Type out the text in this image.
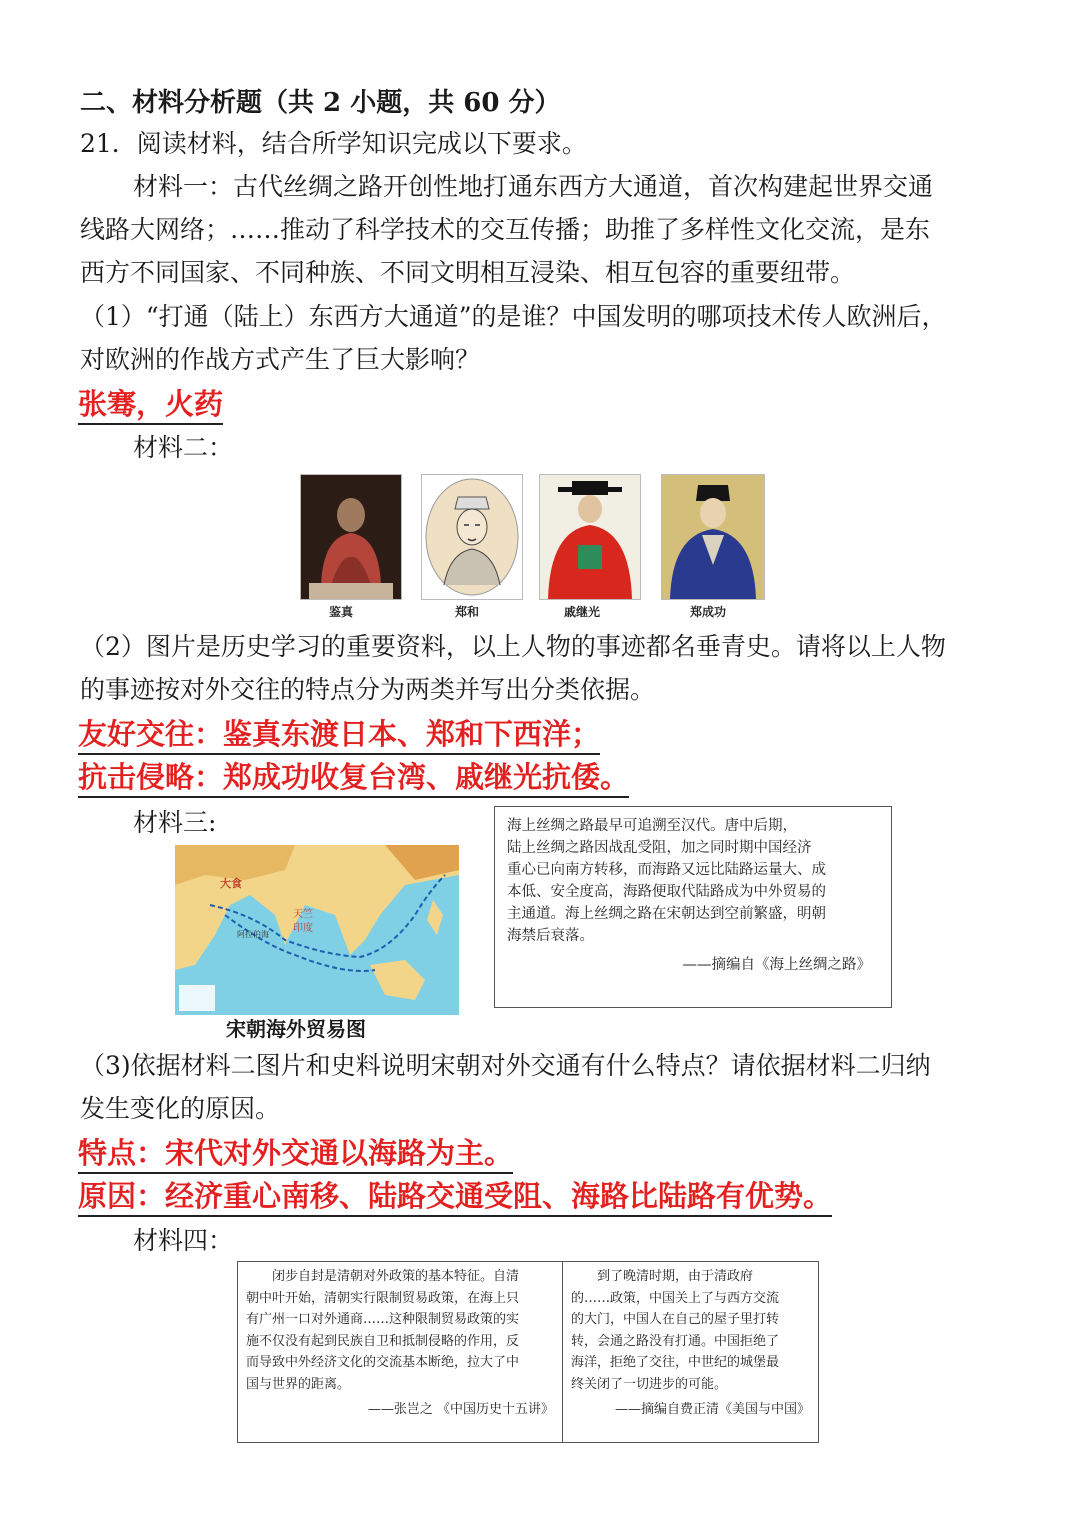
二、材料分析题（共 2 小题，共 60 分）
21．阅读材料，结合所学知识完成以下要求。
材料一：古代丝绸之路开创性地打通东西方大通道，首次构建起世界交通
线路大网络；……推动了科学技术的交互传播；助推了多样性文化交流，是东
西方不同国家、不同种族、不同文明相互浸染、相互包容的重要纽带。
（1）“打通（陆上）东西方大通道”的是谁？中国发明的哪项技术传人欧洲后，
对欧洲的作战方式产生了巨大影响？
张骞，火药
材料二：
鉴真	郑和	戚继光	郑成功
（2）图片是历史学习的重要资料，以上人物的事迹都名垂青史。请将以上人物
的事迹按对外交往的特点分为两类并写出分类依据。
友好交往：鉴真东渡日本、郑和下西洋；
抗击侵略：郑成功收复台湾、戚继光抗倭。
材料三:
大食
天竺
印度
阿拉伯海
宋朝海外贸易图
海上丝绸之路最早可追溯至汉代。唐中后期，
陆上丝绸之路因战乱受阻，加之同时期中国经济
重心已向南方转移，而海路又远比陆路运量大、成
本低、安全度高，海路便取代陆路成为中外贸易的
主通道。海上丝绸之路在宋朝达到空前繁盛，明朝
海禁后衰落。
——摘编自《海上丝绸之路》
（3)依据材料二图片和史料说明宋朝对外交通有什么特点？请依据材料二归纳
发生变化的原因。
特点：宋代对外交通以海路为主。
原因：经济重心南移、陆路交通受阻、海路比陆路有优势。
材料四：
　　闭步自封是清朝对外政策的基本特征。自清
朝中叶开始，清朝实行限制贸易政策，在海上只
有广州一口对外通商……这种限制贸易政策的实
施不仅没有起到民族自卫和抵制侵略的作用，反
而导致中外经济文化的交流基本断绝，拉大了中
国与世界的距离。
——张岂之 《中国历史十五讲》
　　到了晚清时期，由于清政府
的……政策，中国关上了与西方交流
的大门，中国人在自己的屋子里打转
转，会通之路没有打通。中国拒绝了
海洋，拒绝了交往，中世纪的城堡最
终关闭了一切进步的可能。
——摘编自费正清《美国与中国》
